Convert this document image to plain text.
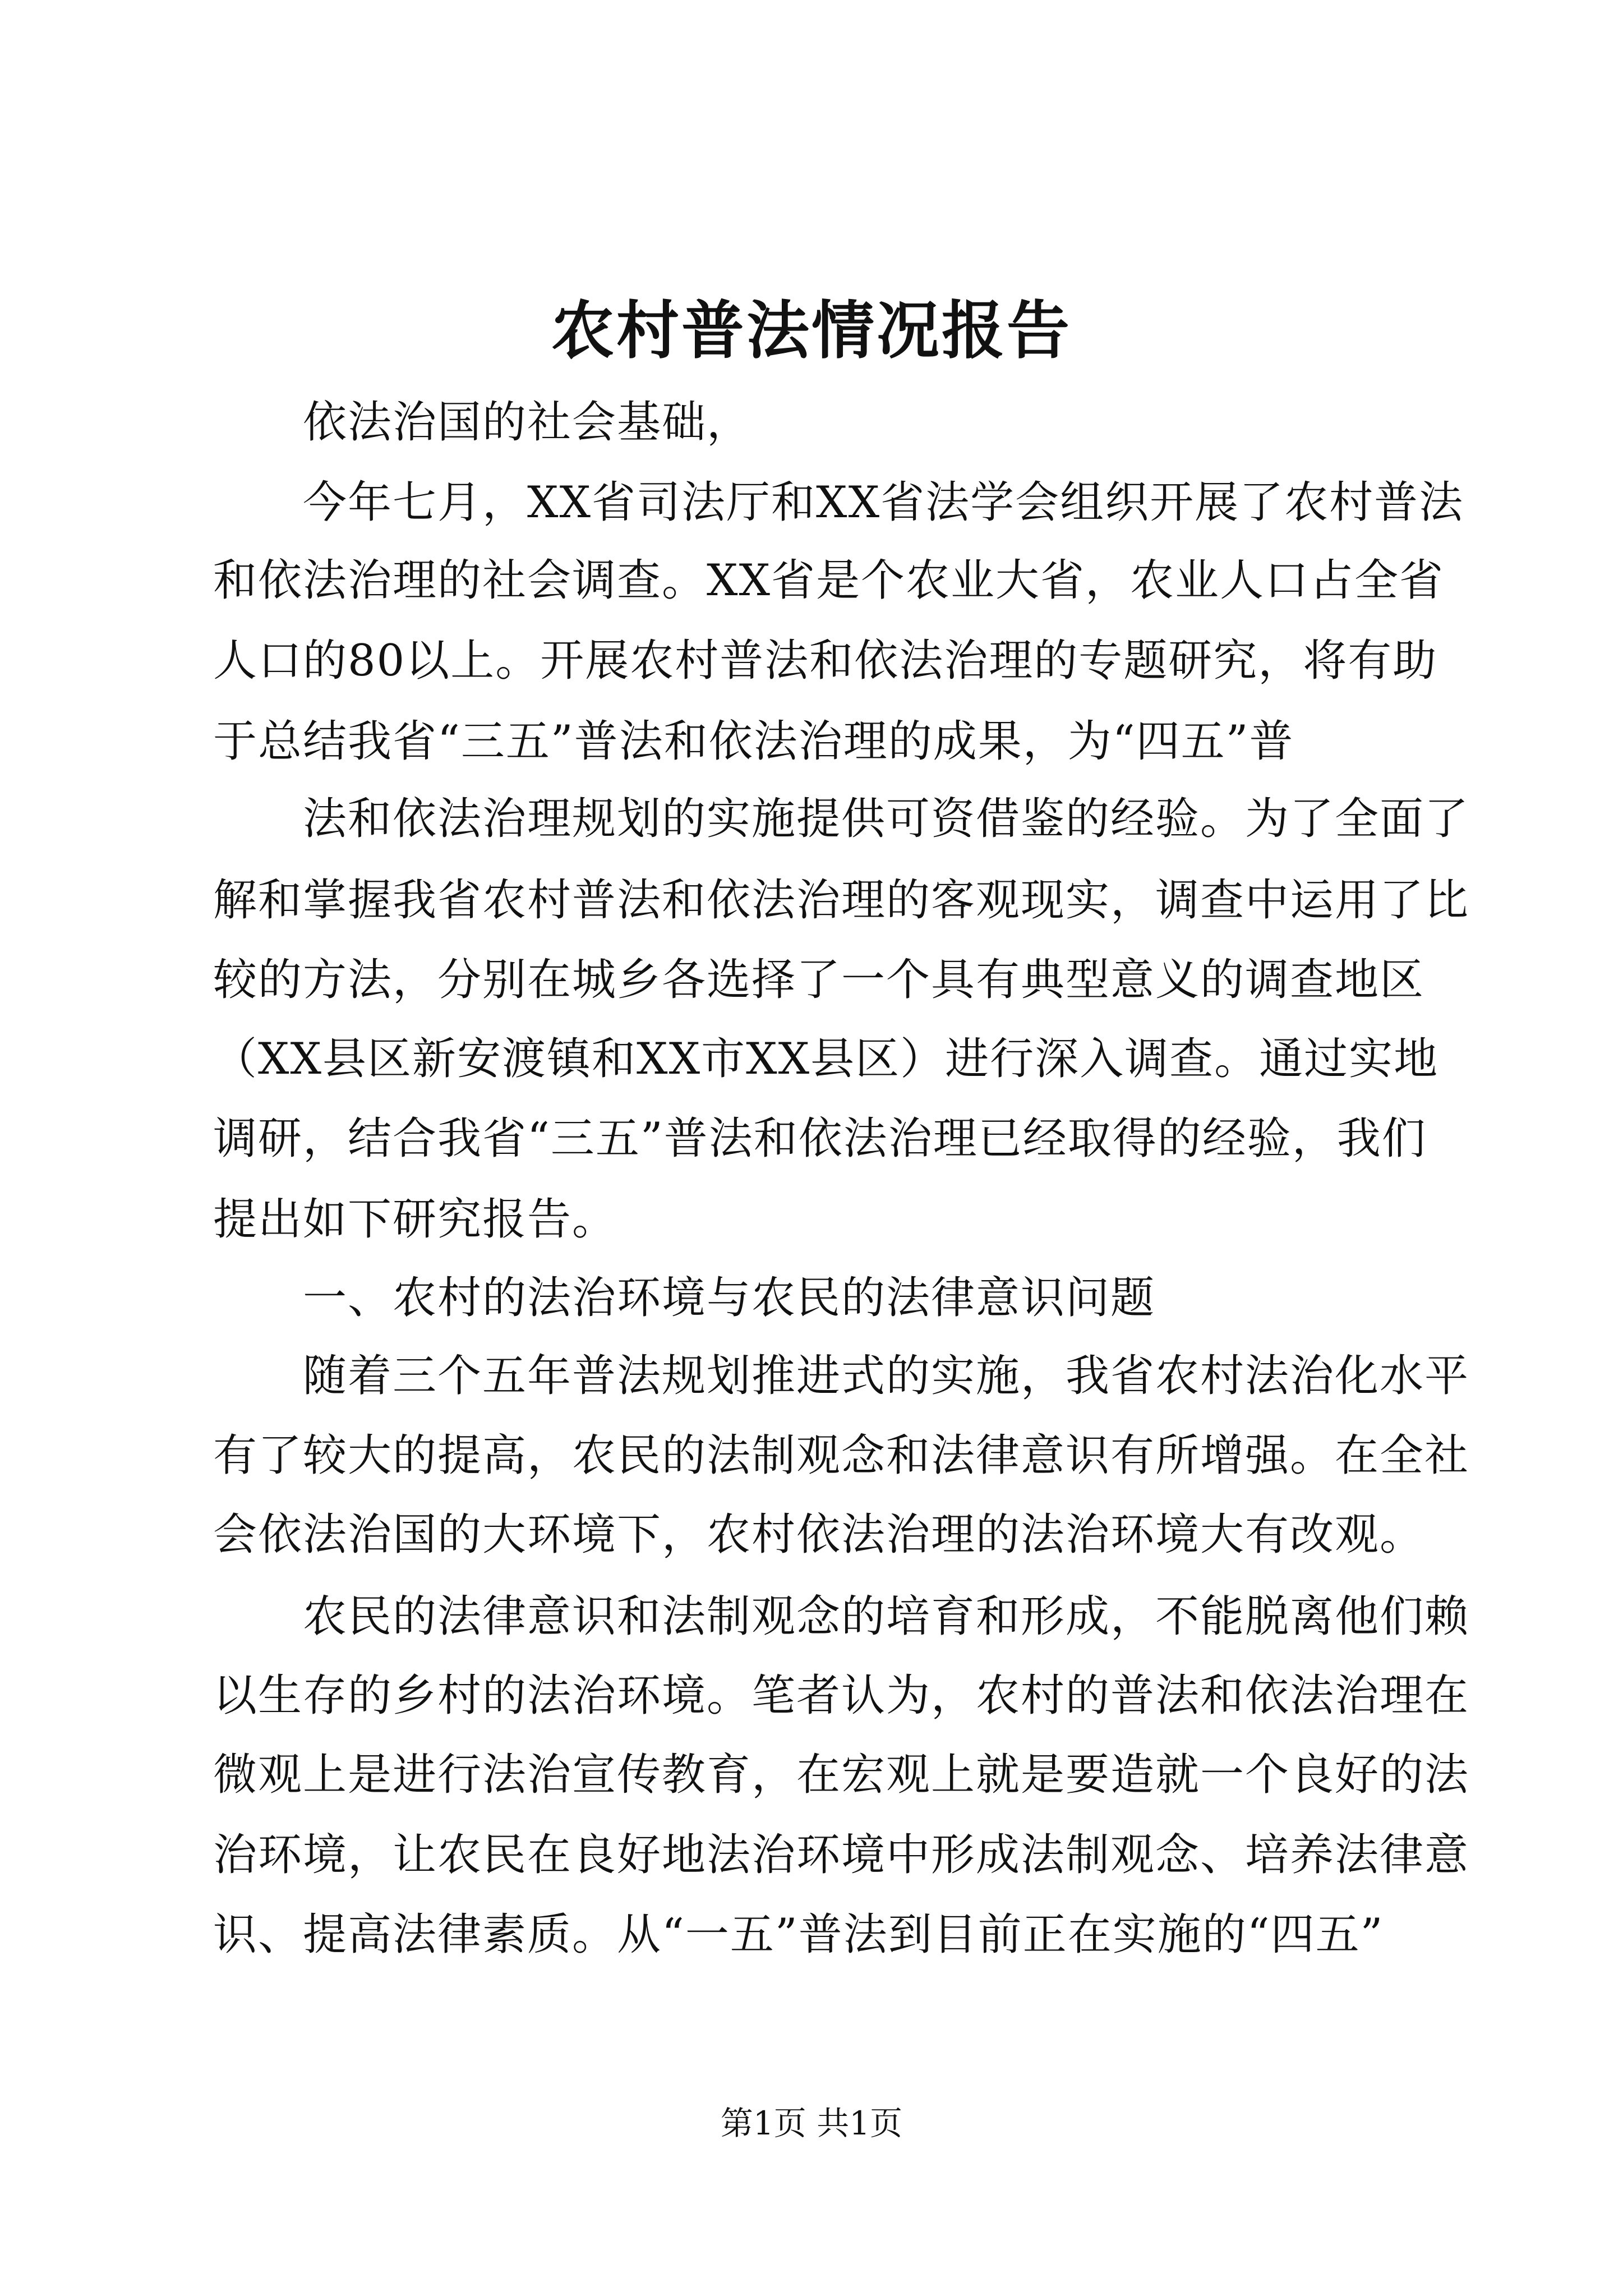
农村普法情况报告
依法治国的社会基础，
今年七月，XX省司法厅和XX省法学会组织开展了农村普法
和依法治理的社会调查。XX省是个农业大省，农业人口占全省
人口的80以上。开展农村普法和依法治理的专题研究，将有助
于总结我省“三五”普法和依法治理的成果，为“四五”普
法和依法治理规划的实施提供可资借鉴的经验。为了全面了
解和掌握我省农村普法和依法治理的客观现实，调查中运用了比
较的方法，分别在城乡各选择了一个具有典型意义的调查地区
（XX县区新安渡镇和XX市XX县区）进行深入调查。通过实地
调研，结合我省“三五”普法和依法治理已经取得的经验，我们
提出如下研究报告。
一、农村的法治环境与农民的法律意识问题
随着三个五年普法规划推进式的实施，我省农村法治化水平
有了较大的提高，农民的法制观念和法律意识有所增强。在全社
会依法治国的大环境下，农村依法治理的法治环境大有改观。
农民的法律意识和法制观念的培育和形成，不能脱离他们赖
以生存的乡村的法治环境。笔者认为，农村的普法和依法治理在
微观上是进行法治宣传教育，在宏观上就是要造就一个良好的法
治环境，让农民在良好地法治环境中形成法制观念、培养法律意
识、提高法律素质。从“一五”普法到目前正在实施的“四五”
第1页 共1页
